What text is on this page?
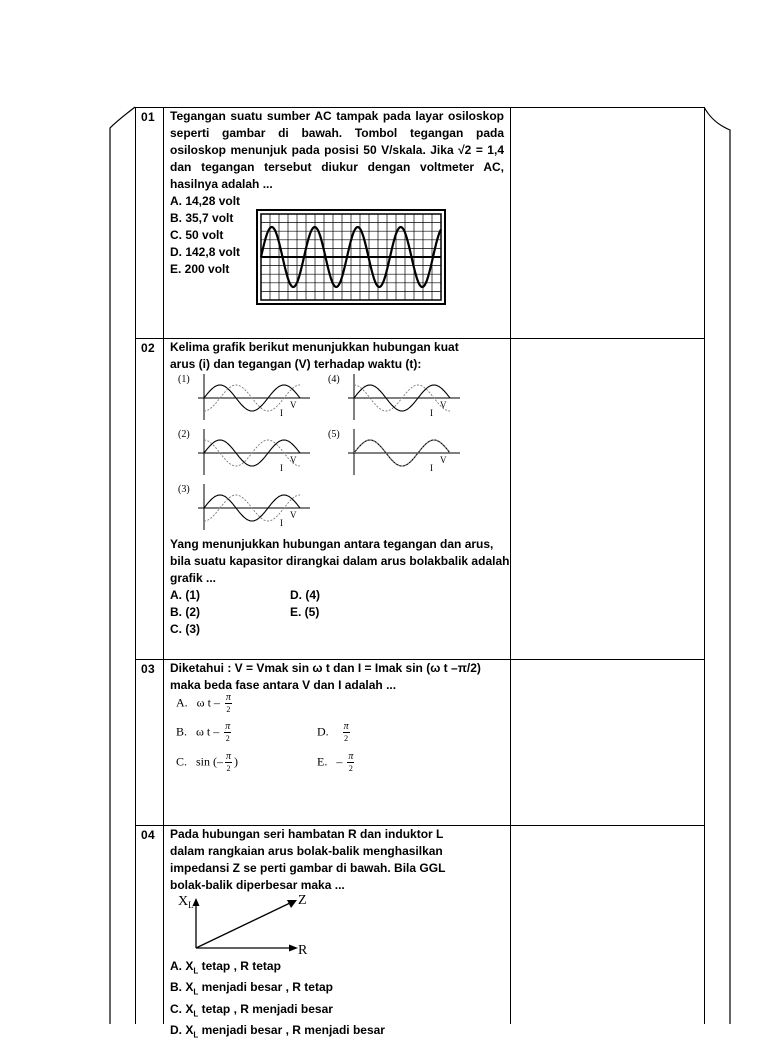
01 Tegangan suatu sumber AC tampak pada layar osiloskop seperti gambar di bawah. Tombol tegangan pada osiloskop menunjuk pada posisi 50 V/skala. Jika √2 = 1,4 dan tegangan tersebut diukur dengan voltmeter AC, hasilnya adalah ...
A. 14,28 volt
B. 35,7 volt
C. 50 volt
D. 142,8 volt
E. 200 volt
02 Kelima grafik berikut menunjukkan hubungan kuat arus (i) dan tegangan (V) terhadap waktu (t):
(1)
V
I
(2)
V
I
(3)
V
I
(4)
V
I
(5)
V
I
Yang menunjukkan hubungan antara tegangan dan arus, bila suatu kapasitor dirangkai dalam arus bolakbalik adalah grafik ...
A. (1)	D. (4)
B. (2)	E. (5)
C. (3)
03 Diketahui : V = Vmak sin ω t dan I = Imak sin (ω t –π/2)
maka beda fase antara V dan I adalah ...
A. ω t – $\frac{\pi}{2}$
B. ω t – $\frac{\pi}{2}$
C. sin (– $\frac{\pi}{2}$ )
D. $\frac{\pi}{2}$
E. – $\frac{\pi}{2}$
04 Pada hubungan seri hambatan R dan induktor L dalam rangkaian arus bolak-balik menghasilkan impedansi Z se perti gambar di bawah. Bila GGL bolak-balik diperbesar maka ...
$X_L$	Z
R
A. $X_L$ tetap , R tetap
B. $X_L$ menjadi besar , R tetap
C. $X_L$ tetap , R menjadi besar
D. $X_L$ menjadi besar , R menjadi besar
